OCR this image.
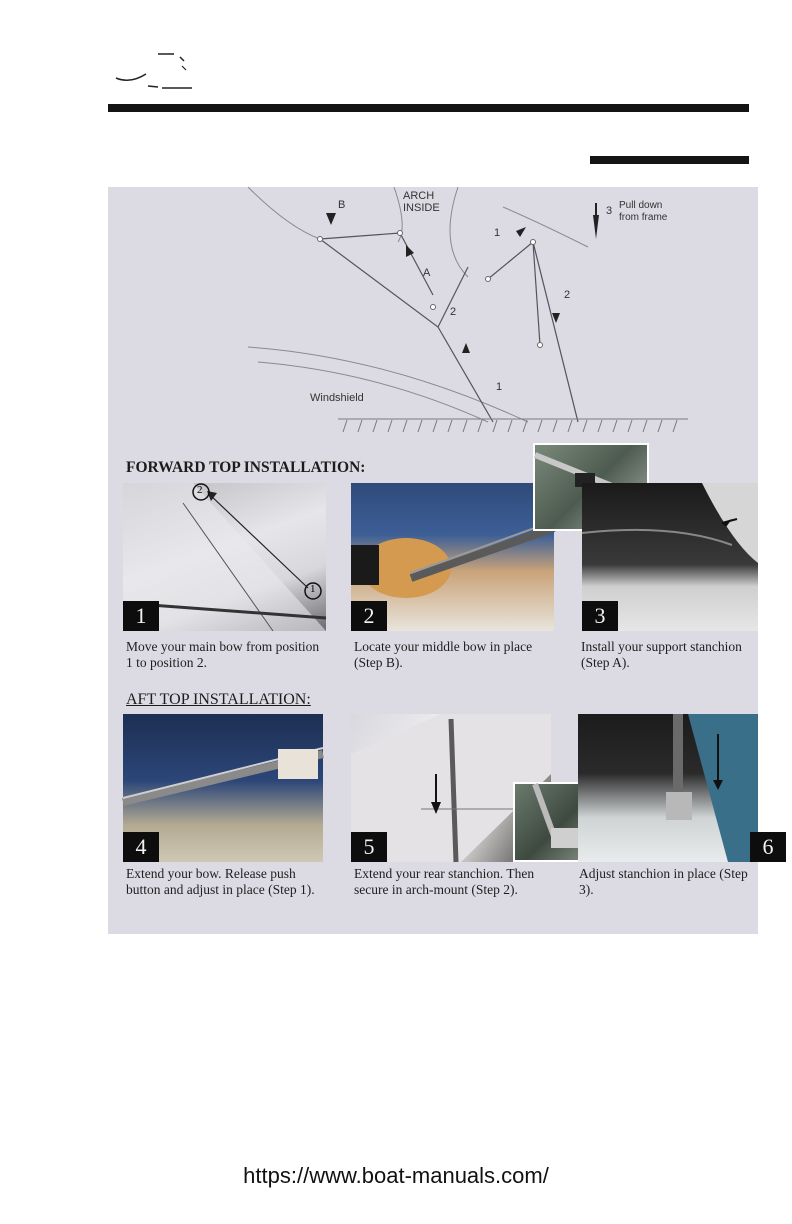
ARCH
INSIDE
B
A
2
1
1
2
3 Pull down
from frame
Windshield
FORWARD TOP INSTALLATION:
2
1
1	2	3
Move your main bow from position 1 to position 2.
Locate your middle bow in place (Step B).
Install your support stanchion (Step A).
AFT TOP INSTALLATION:
4	5	6
Extend your bow. Release push button and adjust in place (Step 1).
Extend your rear stanchion. Then secure in arch-mount (Step 2).
Adjust stanchion in place (Step 3).
https://www.boat-manuals.com/
